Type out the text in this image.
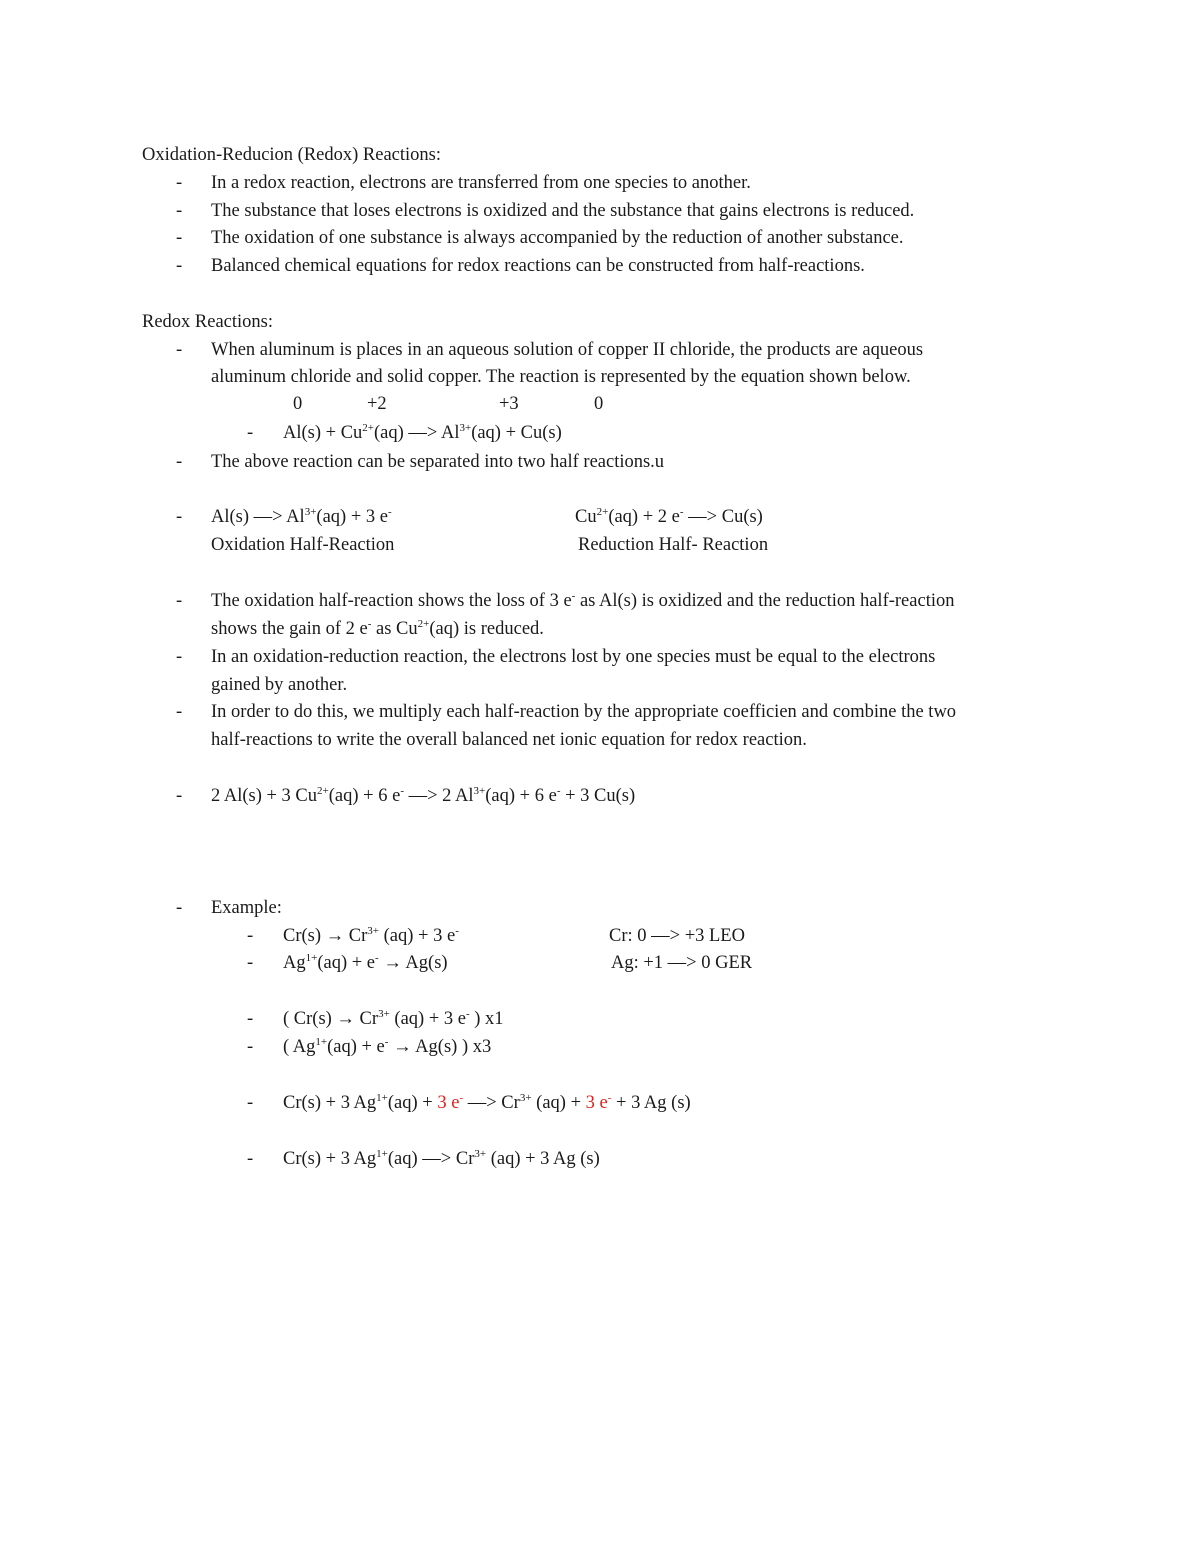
Oxidation-Reducion (Redox) Reactions:
- In a redox reaction, electrons are transferred from one species to another.
- The substance that loses electrons is oxidized and the substance that gains electrons is reduced.
- The oxidation of one substance is always accompanied by the reduction of another substance.
- Balanced chemical equations for redox reactions can be constructed from half-reactions.
Redox Reactions:
- When aluminum is places in an aqueous solution of copper II chloride, the products are aqueous
aluminum chloride and solid copper. The reaction is represented by the equation shown below.
0	+2	+3	0
- $Al(s) + Cu^{2+}(aq)$ —> $Al^{3+}(aq) + Cu(s)$
- The above reaction can be separated into two half reactions.u
- Al(s) —> $Al^{3+}(aq) + 3$ e-	$Cu^{2+}(aq) + 2$ e- —> Cu(s)
Oxidation Half-Reaction	Reduction Half- Reaction
- The oxidation half-reaction shows the loss of 3 e- as Al(s) is oxidized and the reduction half-reaction
shows the gain of 2 e- as $Cu^{2+}(aq)$ is reduced.
- In an oxidation-reduction reaction, the electrons lost by one species must be equal to the electrons
gained by another.
- In order to do this, we multiply each half-reaction by the appropriate coefficien and combine the two
half-reactions to write the overall balanced net ionic equation for redox reaction.
- 2 Al(s) + 3 $Cu^{2+}(aq) + 6$ e- —> 2 $Al^{3+}(aq) + 6$ e- + 3 Cu(s)
- Example:
- $Cr(s) \to Cr^{3+}$ (aq) + 3 e-	Cr: 0 —> +3 LEO
- $Ag^{1+}(aq) + e^- \to Ag(s)$	Ag: +1 —> 0 GER
- ( $Cr(s) \to Cr^{3+}$ (aq) + 3 e- ) x1
- ( $Ag^{1+}(aq) + e^- \to Ag(s)$ ) x3
- Cr(s) + 3 $Ag^{1+}(aq) + 3$ e- —> $Cr^{3+}$ (aq) + 3 e- + 3 Ag (s)
- Cr(s) + 3 $Ag^{1+}(aq)$ —> $Cr^{3+}$ (aq) + 3 Ag (s)
